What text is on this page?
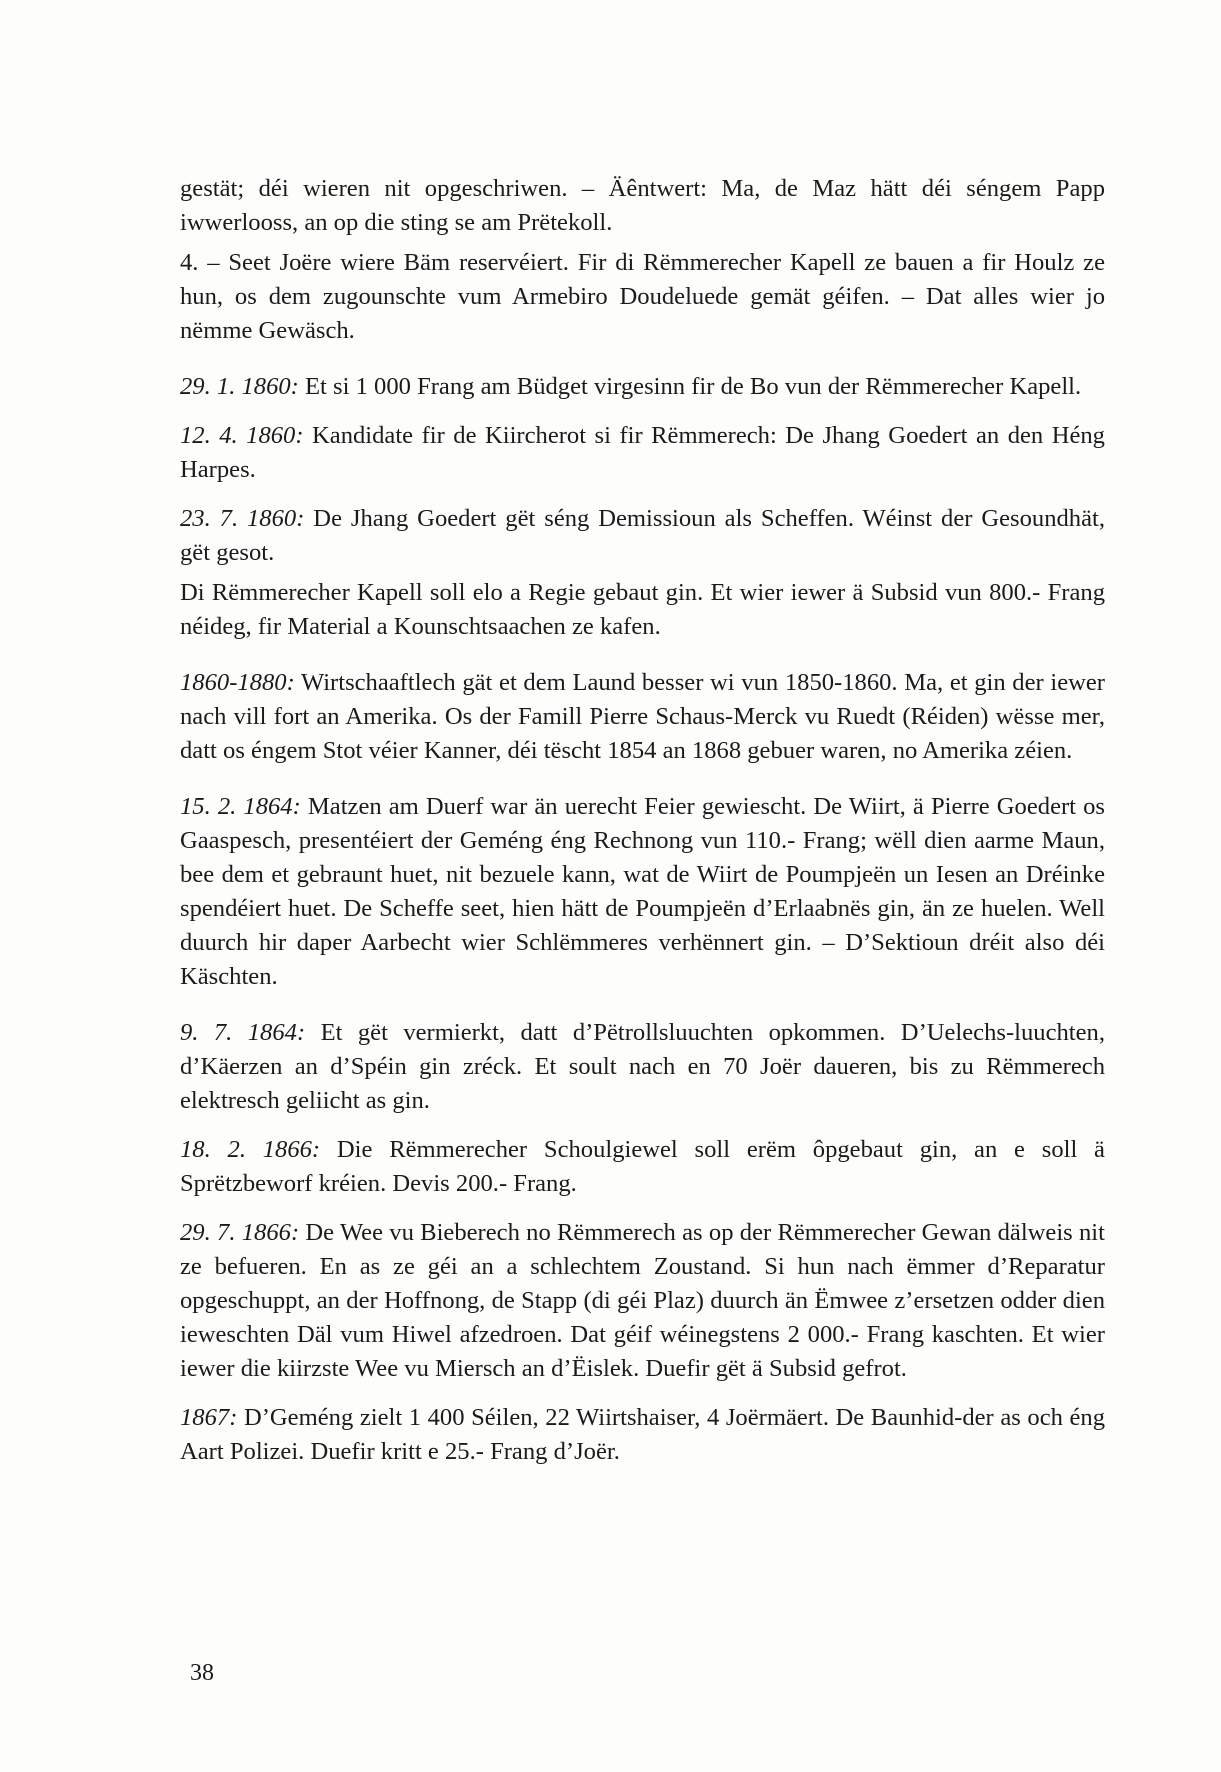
gestät; déi wieren nit opgeschriwen. – Äêntwert: Ma, de Maz hätt déi séngem Papp iwwerlooss, an op die sting se am Prëtekoll.

4. – Seet Joëre wiere Bäm reservéiert. Fir di Rëmmerecher Kapell ze bauen a fir Houlz ze hun, os dem zugounschte vum Armebiro Doudeluede gemät géifen. – Dat alles wier jo nëmme Gewäsch.

29. 1. 1860: Et si 1 000 Frang am Büdget virgesinn fir de Bo vun der Rëmmerecher Kapell.

12. 4. 1860: Kandidate fir de Kiircherot si fir Rëmmerech: De Jhang Goedert an den Héng Harpes.

23. 7. 1860: De Jhang Goedert gët séng Demissioun als Scheffen. Wéinst der Gesoundhät, gët gesot.

Di Rëmmerecher Kapell soll elo a Regie gebaut gin. Et wier iewer ä Subsid vun 800.- Frang néideg, fir Material a Kounschtsaachen ze kafen.

1860-1880: Wirtschaaftlech gät et dem Laund besser wi vun 1850-1860. Ma, et gin der iewer nach vill fort an Amerika. Os der Famill Pierre Schaus-Merck vu Ruedt (Réiden) wësse mer, datt os éngem Stot véier Kanner, déi tëscht 1854 an 1868 gebuer waren, no Amerika zéien.

15. 2. 1864: Matzen am Duerf war än uerecht Feier gewiescht. De Wiirt, ä Pierre Goedert os Gaaspesch, presentéiert der Geméng éng Rechnong vun 110.- Frang; wëll dien aarme Maun, bee dem et gebraunt huet, nit bezuele kann, wat de Wiirt de Poumpjeën un Iesen an Dréinke spendéiert huet. De Scheffe seet, hien hätt de Poumpjeën d’Erlaabnës gin, än ze huelen. Well duurch hir daper Aarbecht wier Schlëmmeres verhënnert gin. – D’Sektioun dréit also déi Käschten.

9. 7. 1864: Et gët vermierkt, datt d’Pëtrollsluuchten opkommen. D’Uelechs-luuchten, d’Käerzen an d’Spéin gin zréck. Et soult nach en 70 Joër daueren, bis zu Rëmmerech elektresch geliicht as gin.

18. 2. 1866: Die Rëmmerecher Schoulgiewel soll erëm ôpgebaut gin, an e soll ä Sprëtzbeworf kréien. Devis 200.- Frang.

29. 7. 1866: De Wee vu Bieberech no Rëmmerech as op der Rëmmerecher Gewan dälweis nit ze befueren. En as ze géi an a schlechtem Zoustand. Si hun nach ëmmer d’Reparatur opgeschuppt, an der Hoffnong, de Stapp (di géi Plaz) duurch än Ëmwee z’ersetzen odder dien ieweschten Däl vum Hiwel afzedroen. Dat géif wéinegstens 2 000.- Frang kaschten. Et wier iewer die kiirzste Wee vu Miersch an d’Ëislek. Duefir gët ä Subsid gefrot.

1867: D’Geméng zielt 1 400 Séilen, 22 Wiirtshaiser, 4 Joërmäert. De Baunhid-der as och éng Aart Polizei. Duefir kritt e 25.- Frang d’Joër.

38
